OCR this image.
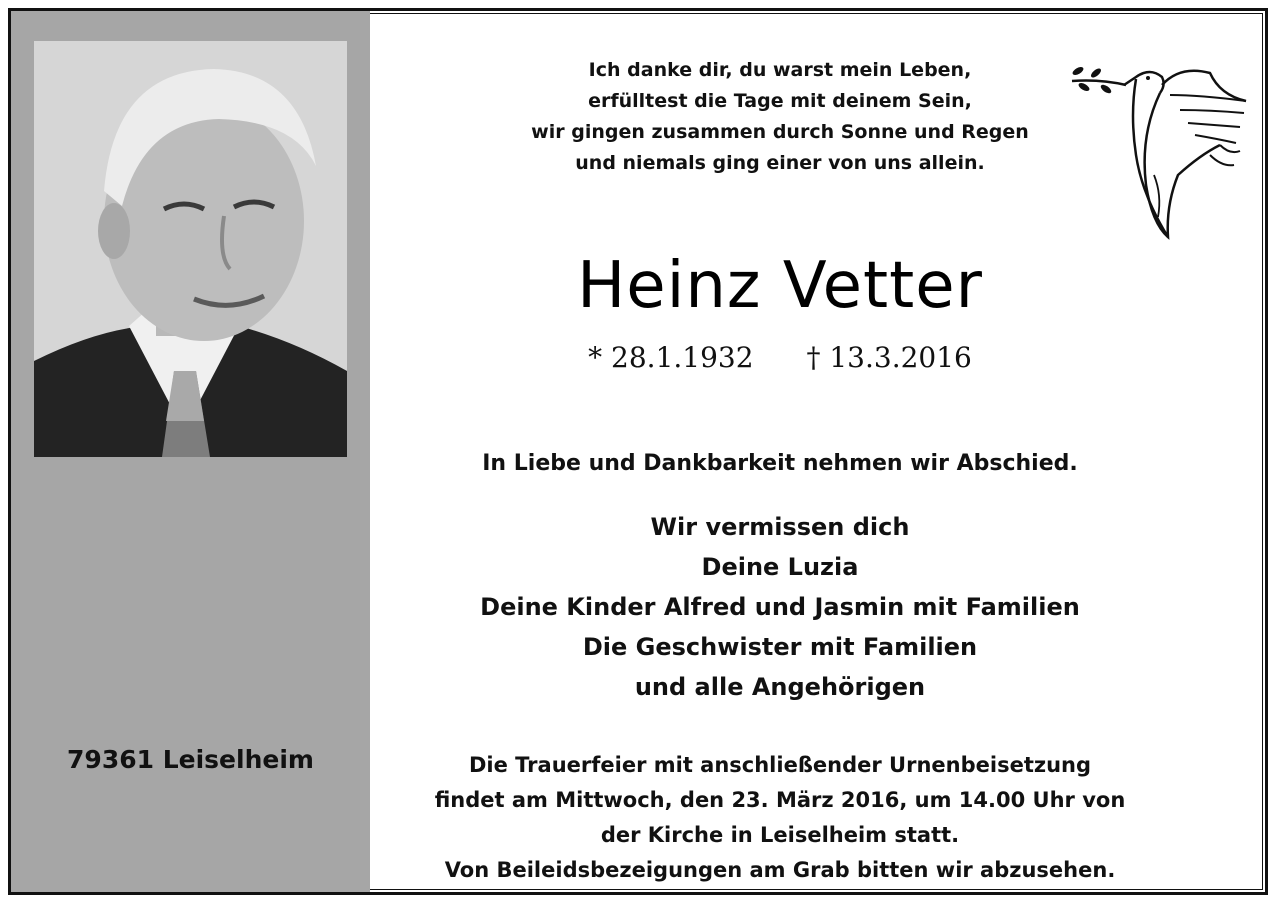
79361 Leiselheim
Ich danke dir, du warst mein Leben,
erfülltest die Tage mit deinem Sein,
wir gingen zusammen durch Sonne und Regen
und niemals ging einer von uns allein.
Heinz Vetter
* 28.1.1932 † 13.3.2016
In Liebe und Dankbarkeit nehmen wir Abschied.
Wir vermissen dich
Deine Luzia
Deine Kinder Alfred und Jasmin mit Familien
Die Geschwister mit Familien
und alle Angehörigen
Die Trauerfeier mit anschließender Urnenbeisetzung
findet am Mittwoch, den 23. März 2016, um 14.00 Uhr von
der Kirche in Leiselheim statt.
Von Beileidsbezeigungen am Grab bitten wir abzusehen.
